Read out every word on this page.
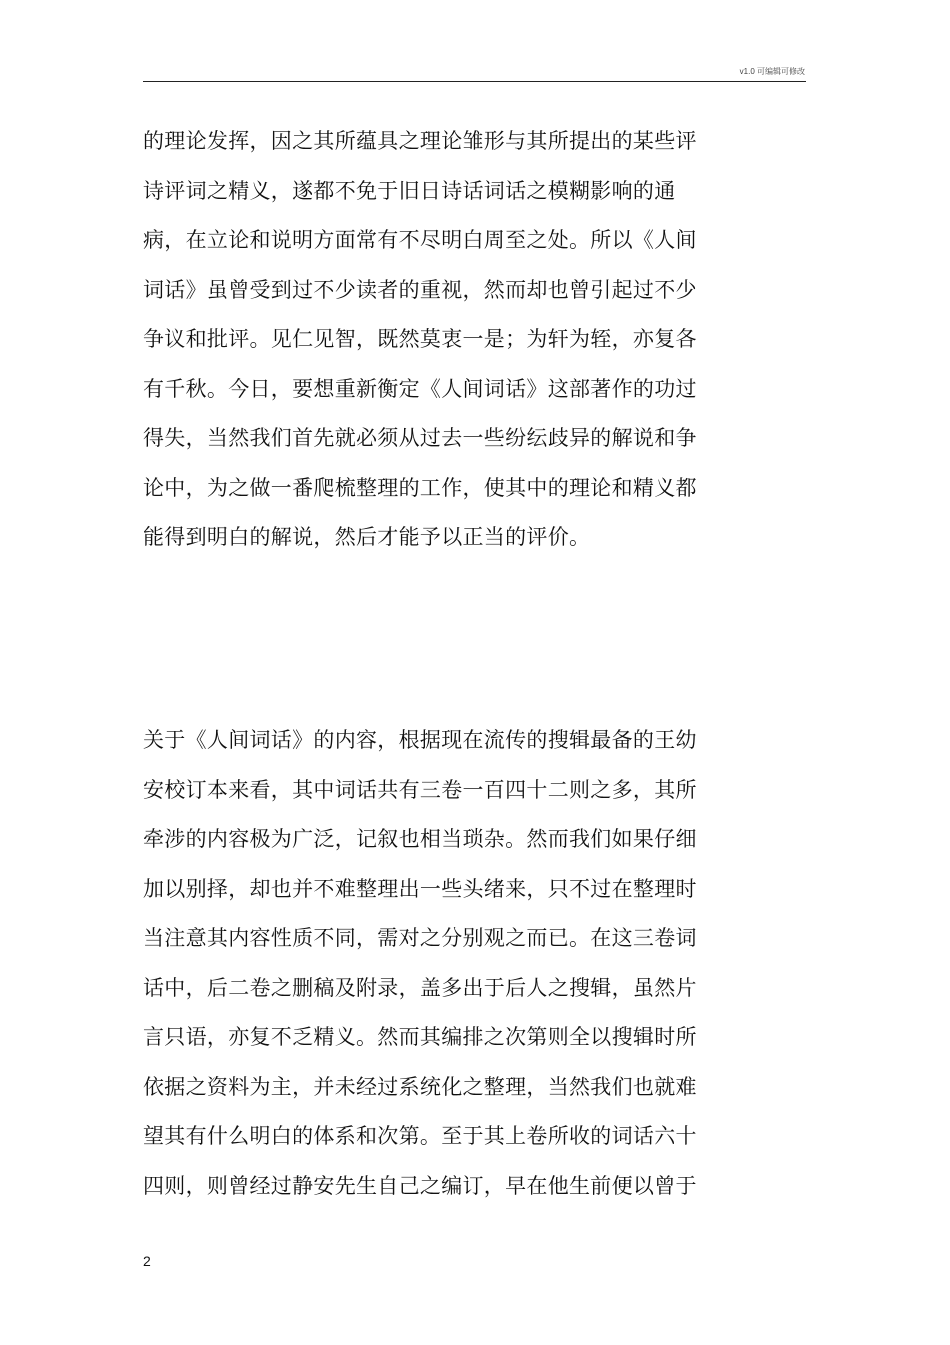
v1.0 可编辑可修改
的理论发挥，因之其所蕴具之理论雏形与其所提出的某些评
诗评词之精义，遂都不免于旧日诗话词话之模糊影响的通
病，在立论和说明方面常有不尽明白周至之处。所以《人间
词话》虽曾受到过不少读者的重视，然而却也曾引起过不少
争议和批评。见仁见智，既然莫衷一是；为轩为轾，亦复各
有千秋。今日，要想重新衡定《人间词话》这部著作的功过
得失，当然我们首先就必须从过去一些纷纭歧异的解说和争
论中，为之做一番爬梳整理的工作，使其中的理论和精义都
能得到明白的解说，然后才能予以正当的评价。
关于《人间词话》的内容，根据现在流传的搜辑最备的王幼
安校订本来看，其中词话共有三卷一百四十二则之多，其所
牵涉的内容极为广泛，记叙也相当琐杂。然而我们如果仔细
加以别择，却也并不难整理出一些头绪来，只不过在整理时
当注意其内容性质不同，需对之分别观之而已。在这三卷词
话中，后二卷之删稿及附录，盖多出于后人之搜辑，虽然片
言只语，亦复不乏精义。然而其编排之次第则全以搜辑时所
依据之资料为主，并未经过系统化之整理，当然我们也就难
望其有什么明白的体系和次第。至于其上卷所收的词话六十
四则，则曾经过静安先生自己之编订，早在他生前便以曾于
2
